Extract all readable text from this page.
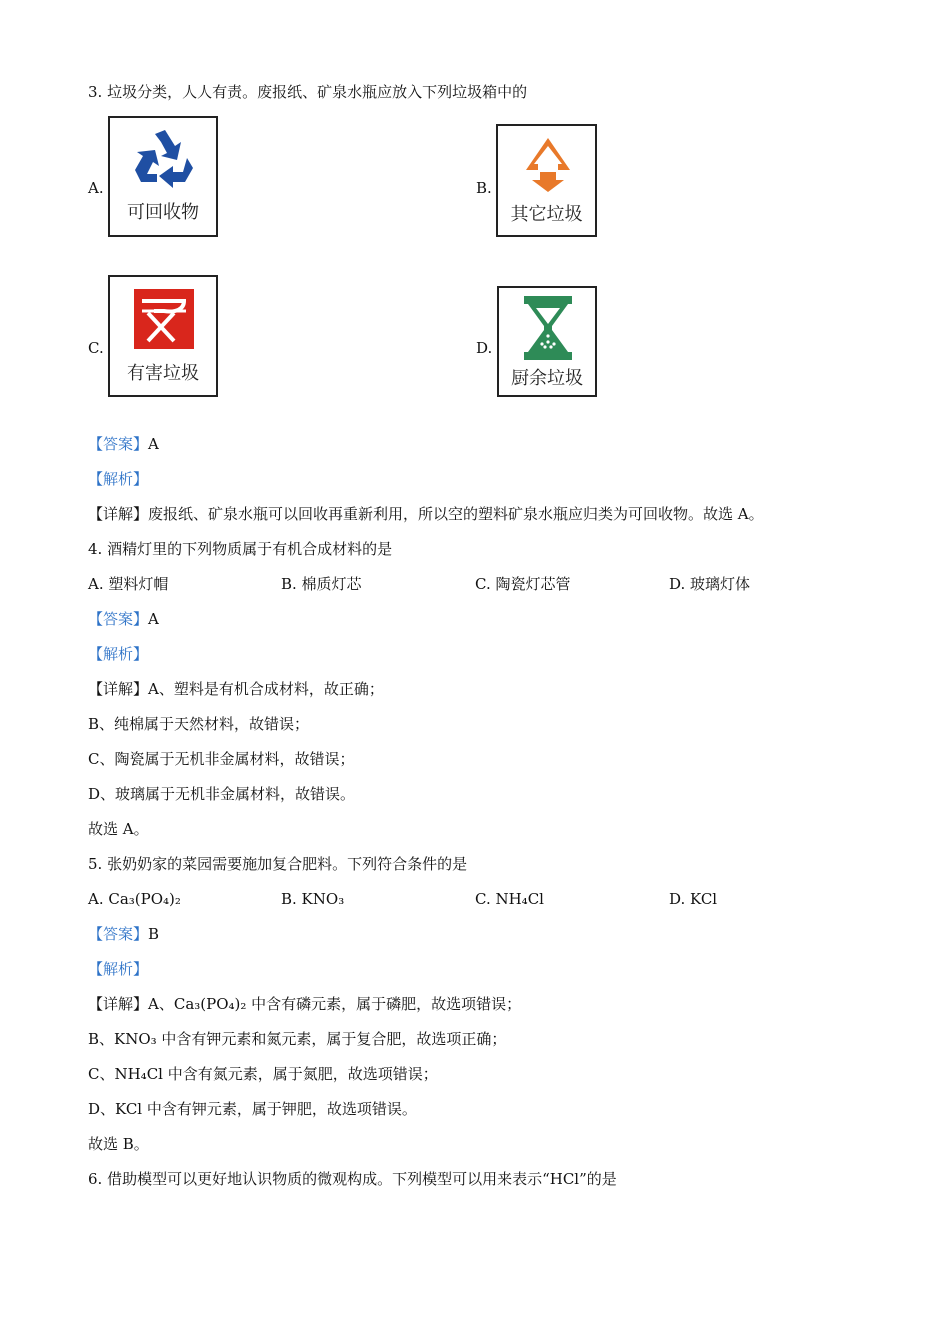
3. 垃圾分类，人人有责。废报纸、矿泉水瓶应放入下列垃圾箱中的
A.
可回收物
B.
其它垃圾
C.
有害垃圾
D.
厨余垃圾
【答案】A
【解析】
【详解】废报纸、矿泉水瓶可以回收再重新利用，所以空的塑料矿泉水瓶应归类为可回收物。故选 A。
4. 酒精灯里的下列物质属于有机合成材料的是
A. 塑料灯帽	B. 棉质灯芯	C. 陶瓷灯芯管	D. 玻璃灯体
【答案】A
【解析】
【详解】A、塑料是有机合成材料，故正确；
B、纯棉属于天然材料，故错误；
C、陶瓷属于无机非金属材料，故错误；
D、玻璃属于无机非金属材料，故错误。
故选 A。
5. 张奶奶家的菜园需要施加复合肥料。下列符合条件的是
A. Ca₃(PO₄)₂	B. KNO₃	C. NH₄Cl	D. KCl
【答案】B
【解析】
【详解】A、Ca₃(PO₄)₂ 中含有磷元素，属于磷肥，故选项错误；
B、KNO₃ 中含有钾元素和氮元素，属于复合肥，故选项正确；
C、NH₄Cl 中含有氮元素，属于氮肥，故选项错误；
D、KCl 中含有钾元素，属于钾肥，故选项错误。
故选 B。
6. 借助模型可以更好地认识物质的微观构成。下列模型可以用来表示“HCl”的是
